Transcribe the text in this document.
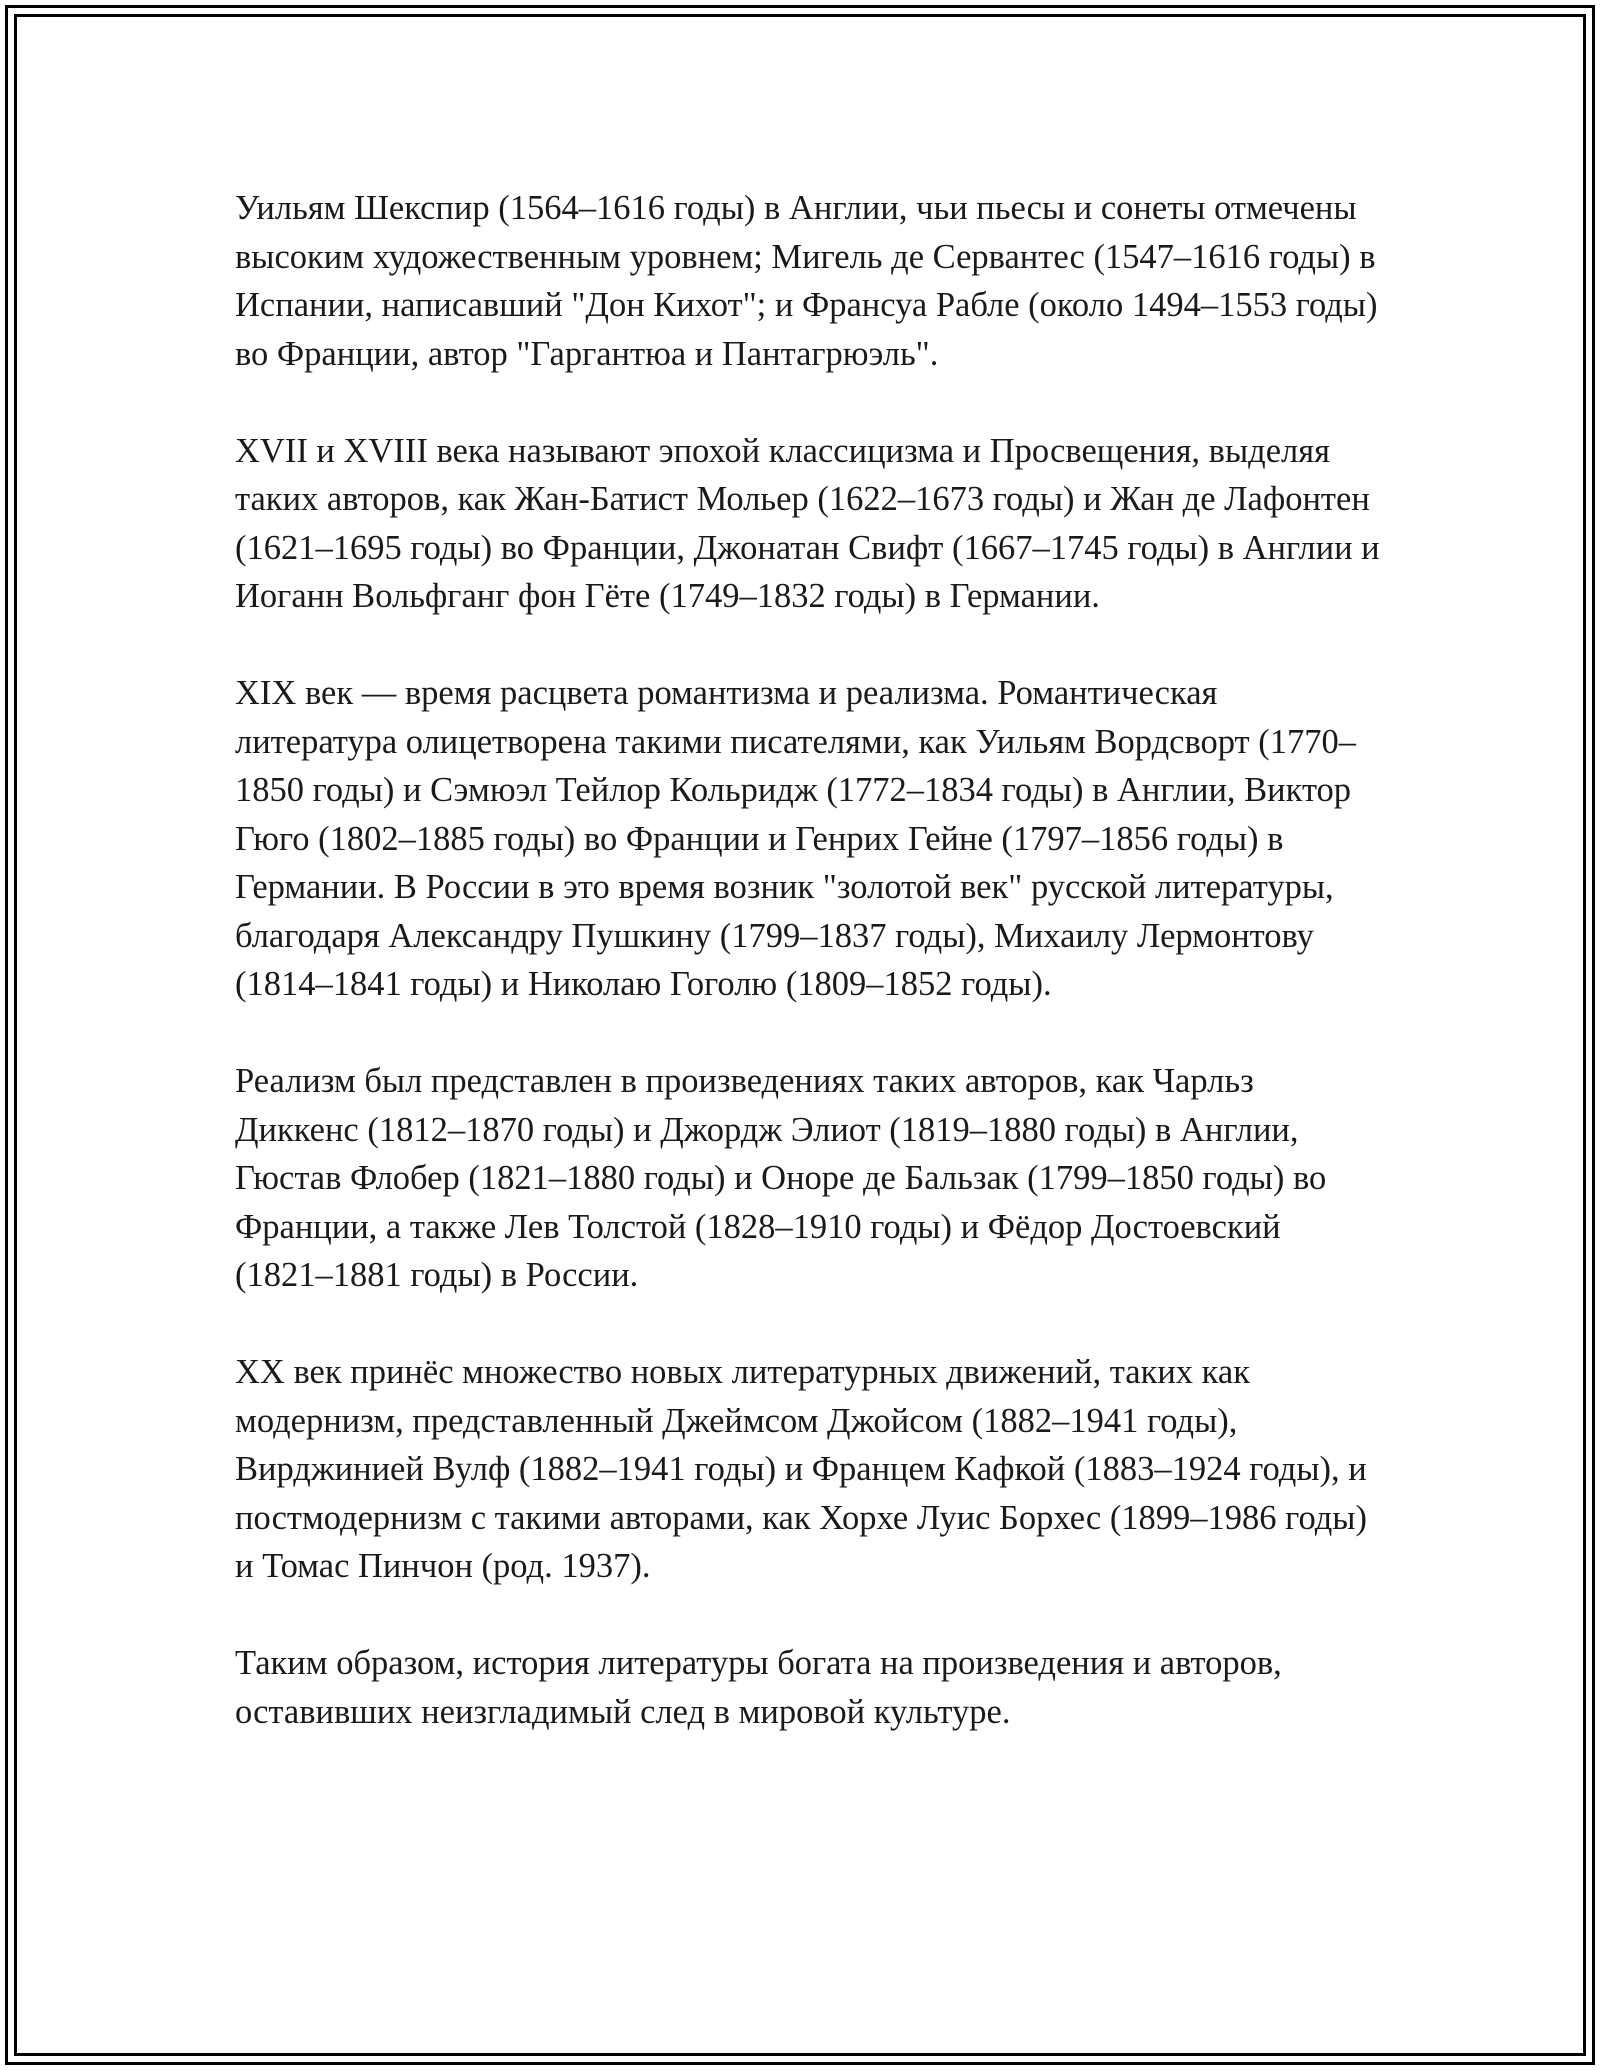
Уильям Шекспир (1564–1616 годы) в Англии, чьи пьесы и сонеты отмечены высоким художественным уровнем; Мигель де Сервантес (1547–1616 годы) в Испании, написавший "Дон Кихот"; и Франсуа Рабле (около 1494–1553 годы) во Франции, автор "Гаргантюа и Пантагрюэль".

XVII и XVIII века называют эпохой классицизма и Просвещения, выделяя таких авторов, как Жан-Батист Мольер (1622–1673 годы) и Жан де Лафонтен (1621–1695 годы) во Франции, Джонатан Свифт (1667–1745 годы) в Англии и Иоганн Вольфганг фон Гёте (1749–1832 годы) в Германии.

XIX век — время расцвета романтизма и реализма. Романтическая литература олицетворена такими писателями, как Уильям Вордсворт (1770–1850 годы) и Сэмюэл Тейлор Кольридж (1772–1834 годы) в Англии, Виктор Гюго (1802–1885 годы) во Франции и Генрих Гейне (1797–1856 годы) в Германии. В России в это время возник "золотой век" русской литературы, благодаря Александру Пушкину (1799–1837 годы), Михаилу Лермонтову (1814–1841 годы) и Николаю Гоголю (1809–1852 годы).

Реализм был представлен в произведениях таких авторов, как Чарльз Диккенс (1812–1870 годы) и Джордж Элиот (1819–1880 годы) в Англии, Гюстав Флобер (1821–1880 годы) и Оноре де Бальзак (1799–1850 годы) во Франции, а также Лев Толстой (1828–1910 годы) и Фёдор Достоевский (1821–1881 годы) в России.

XX век принёс множество новых литературных движений, таких как модернизм, представленный Джеймсом Джойсом (1882–1941 годы), Вирджинией Вулф (1882–1941 годы) и Францем Кафкой (1883–1924 годы), и постмодернизм с такими авторами, как Хорхе Луис Борхес (1899–1986 годы) и Томас Пинчон (род. 1937).

Таким образом, история литературы богата на произведения и авторов, оставивших неизгладимый след в мировой культуре.
